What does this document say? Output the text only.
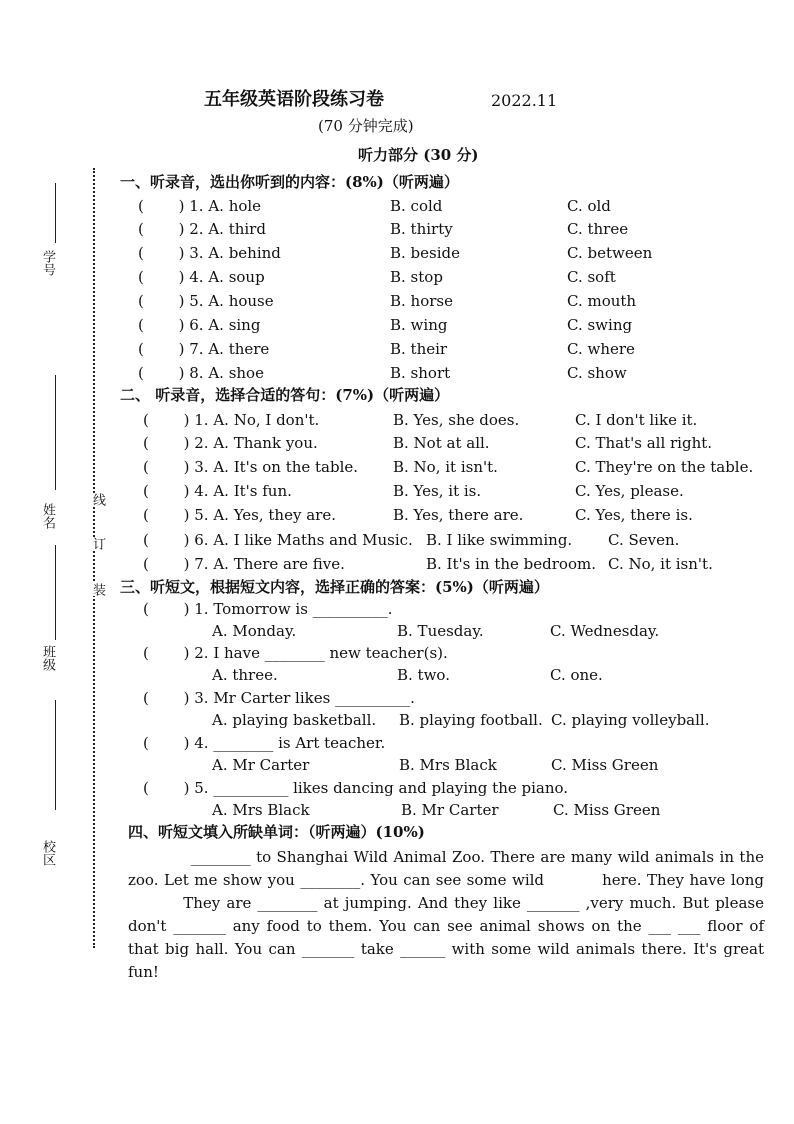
五年级英语阶段练习卷	2022.11
(70 分钟完成)
听力部分 (30 分)
学号
姓名
班级
校区
线
订
装
一、听录音，选出你听到的内容：(8%)（听两遍）
( 　　) 1. A. hole	B. cold	C. old
( 　　) 2. A. third	B. thirty	C. three
( 　　) 3. A. behind	B. beside	C. between
( 　　) 4. A. soup	B. stop	C. soft
( 　　) 5. A. house	B. horse	C. mouth
( 　　) 6. A. sing	B. wing	C. swing
( 　　) 7. A. there	B. their	C. where
( 　　) 8. A. shoe	B. short	C. show
二、 听录音，选择合适的答句：(7%)（听两遍）
( 　　) 1. A. No, I don't.	B. Yes, she does.	C. I don't like it.
( 　　) 2. A. Thank you.	B. Not at all.	C. That's all right.
( 　　) 3. A. It's on the table. B. No, it isn't.	C. They're on the table.
( 　　) 4. A. It's fun.	B. Yes, it is.	C. Yes, please.
( 　　) 5. A. Yes, they are.	B. Yes, there are.	C. Yes, there is.
( 　　) 6. A. I like Maths and Music. B. I like swimming. C. Seven.
( 　　) 7. A. There are five.	B. It's in the bedroom. C. No, it isn't.
三、听短文，根据短文内容，选择正确的答案：(5%)（听两遍）
( 　　) 1. Tomorrow is __________.
A. Monday.	B. Tuesday.	C. Wednesday.
( 　　) 2. I have ________ new teacher(s).
A. three.	B. two.	C. one.
( 　　) 3. Mr Carter likes __________.
A. playing basketball. B. playing football. C. playing volleyball.
( 　　) 4. ________ is Art teacher.
A. Mr Carter	B. Mrs Black	C. Miss Green
( 　　) 5. __________ likes dancing and playing the piano.
A. Mrs Black	B. Mr Carter	C. Miss Green
四、听短文填入所缺单词：（听两遍）(10%)
　　　　________ to Shanghai Wild Animal Zoo. There are many wild animals in the zoo. Let me show you ________. You can see some wild 　　　 here. They have long 　　　 They are ________ at jumping. And they like _______ ,very much. But please don't _______ any food to them. You can see animal shows on the ___ ___ floor of that big hall. You can _______ take ______ with some wild animals there. It's great fun!
